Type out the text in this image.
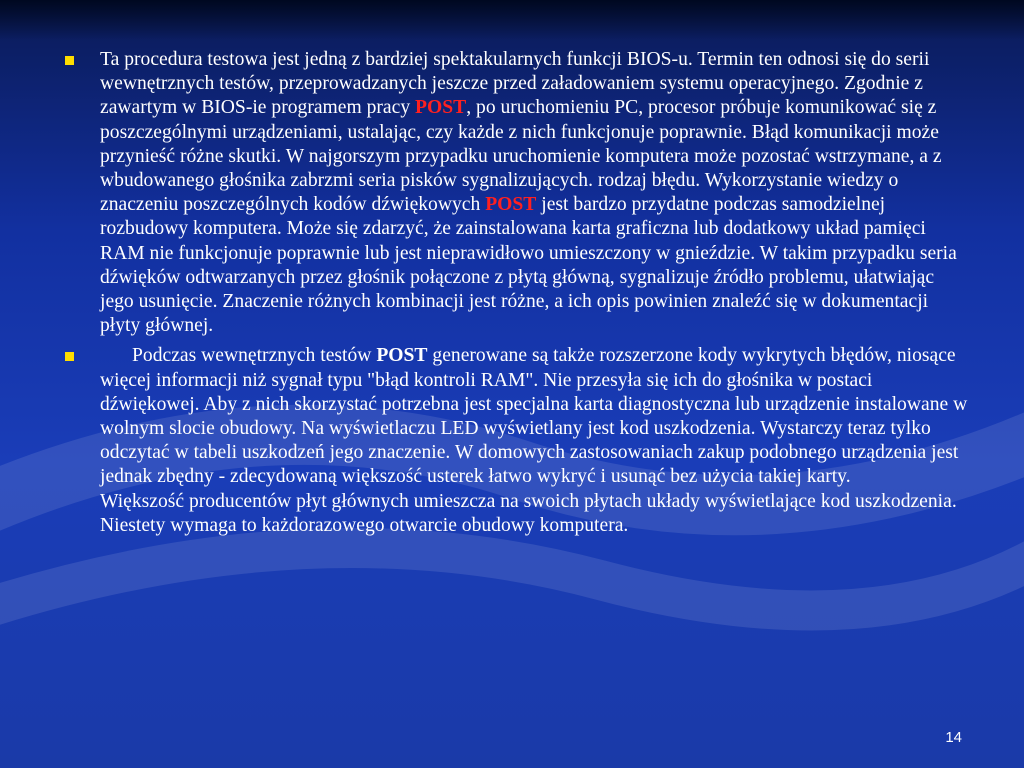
Ta procedura testowa jest jedną z bardziej spektakularnych funkcji BIOS-u. Termin ten odnosi się do serii wewnętrznych testów, przeprowadzanych jeszcze przed załadowaniem systemu operacyjnego. Zgodnie z zawartym w BIOS-ie programem pracy POST, po uruchomieniu PC, procesor próbuje komunikować się z poszczególnymi urządzeniami, ustalając, czy każde z nich funkcjonuje poprawnie. Błąd komunikacji może przynieść różne skutki. W najgorszym przypadku uruchomienie komputera może pozostać wstrzymane, a z wbudowanego głośnika zabrzmi seria pisków sygnalizujących. rodzaj błędu. Wykorzystanie wiedzy o znaczeniu poszczególnych kodów dźwiękowych POST jest bardzo przydatne podczas samodzielnej rozbudowy komputera. Może się zdarzyć, że zainstalowana karta graficzna lub dodatkowy układ pamięci RAM nie funkcjonuje poprawnie lub jest nieprawidłowo umieszczony w gnieździe. W takim przypadku seria dźwięków odtwarzanych przez głośnik połączone z płytą główną, sygnalizuje źródło problemu, ułatwiając jego usunięcie. Znaczenie różnych kombinacji jest różne, a ich opis powinien znaleźć się w dokumentacji płyty głównej.

Podczas wewnętrznych testów POST generowane są także rozszerzone kody wykrytych błędów, niosące więcej informacji niż sygnał typu "błąd kontroli RAM". Nie przesyła się ich do głośnika w postaci dźwiękowej. Aby z nich skorzystać potrzebna jest specjalna karta diagnostyczna lub urządzenie instalowane w wolnym slocie obudowy. Na wyświetlaczu LED wyświetlany jest kod uszkodzenia. Wystarczy teraz tylko odczytać w tabeli uszkodzeń jego znaczenie. W domowych zastosowaniach zakup podobnego urządzenia jest jednak zbędny - zdecydowaną większość usterek łatwo wykryć i usunąć bez użycia takiej karty.
Większość producentów płyt głównych umieszcza na swoich płytach układy wyświetlające kod uszkodzenia. Niestety wymaga to każdorazowego otwarcie obudowy komputera.

14
